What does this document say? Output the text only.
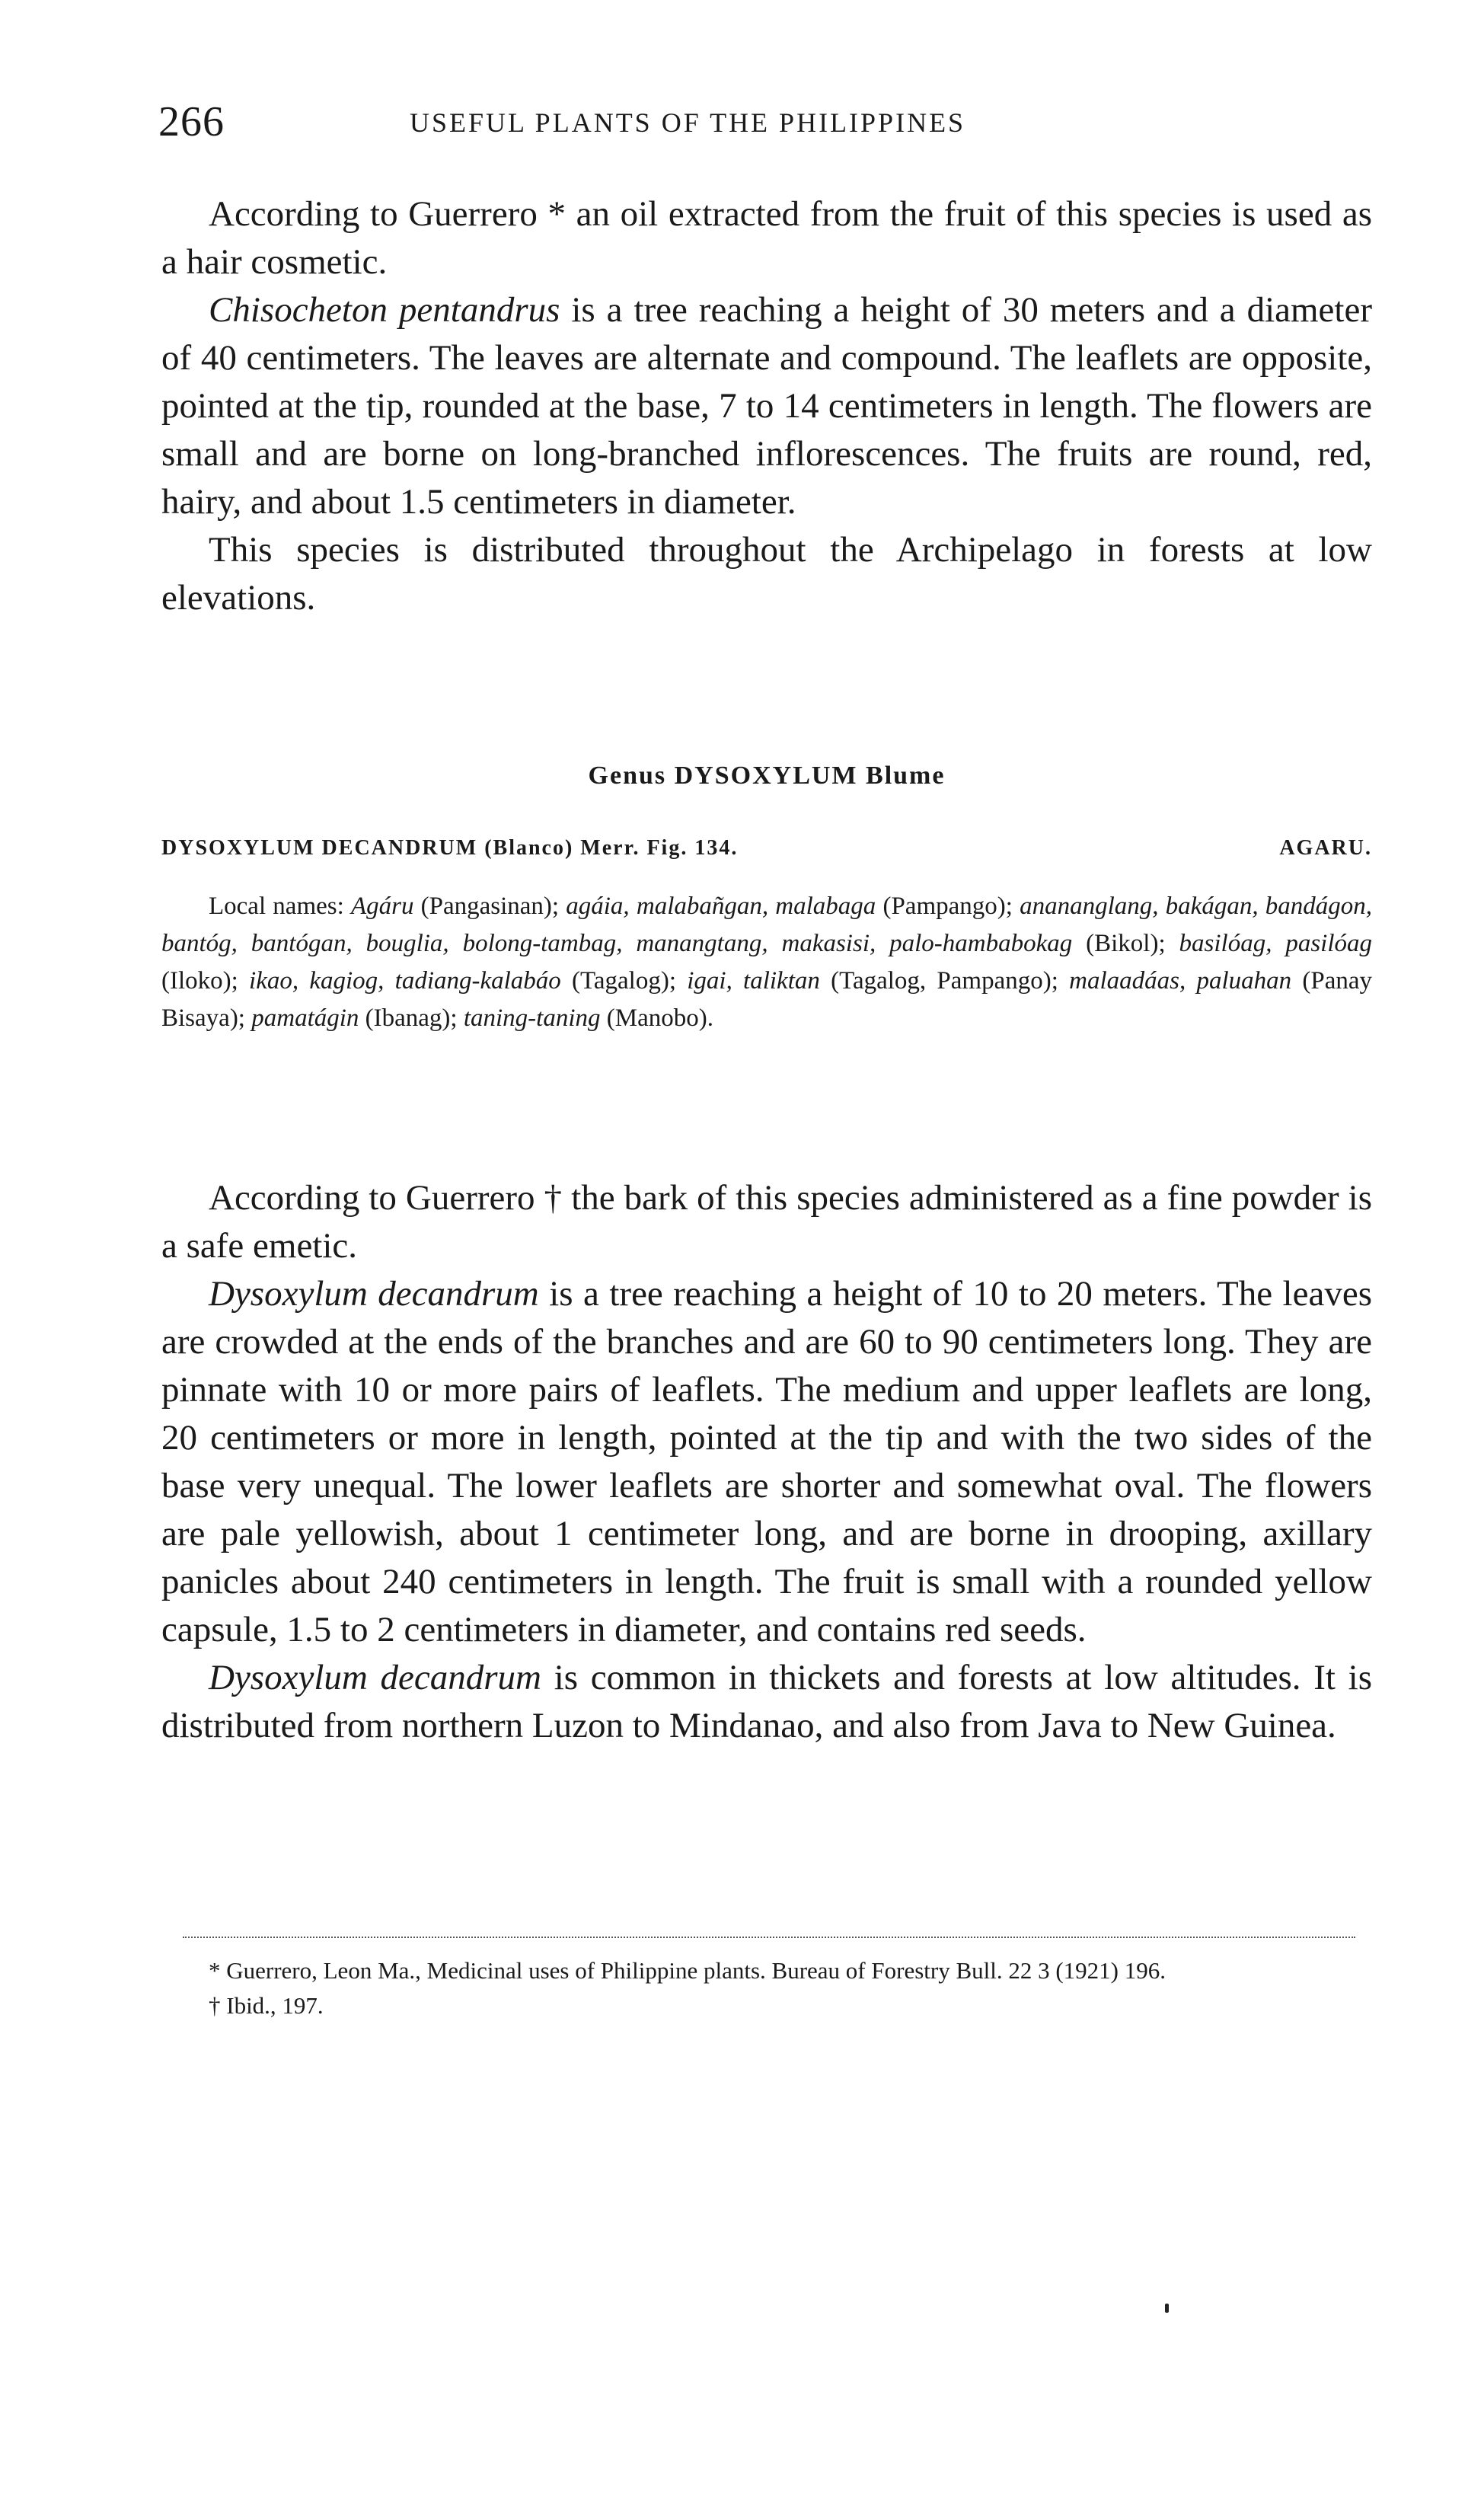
266	USEFUL PLANTS OF THE PHILIPPINES

According to Guerrero * an oil extracted from the fruit of this species is used as a hair cosmetic.

Chisocheton pentandrus is a tree reaching a height of 30 meters and a diameter of 40 centimeters. The leaves are alternate and compound. The leaflets are opposite, pointed at the tip, rounded at the base, 7 to 14 centimeters in length. The flowers are small and are borne on long-branched inflorescences. The fruits are round, red, hairy, and about 1.5 centimeters in diameter.

This species is distributed throughout the Archipelago in forests at low elevations.

Genus DYSOXYLUM Blume
DYSOXYLUM DECANDRUM (Blanco) Merr. Fig. 134.	AGARU.

Local names: Agáru (Pangasinan); agáia, malabañgan, malabaga (Pampango); anananglang, bakágan, bandágon, bantóg, bantógan, bouglia, bolong-tambag, manangtang, makasisi, palo-hambabokag (Bikol); basilóag, pasilóag (Iloko); ikao, kagiog, tadiang-kalabáo (Tagalog); igai, taliktan (Tagalog, Pampango); malaadáas, paluahan (Panay Bisaya); pamatágin (Ibanag); taning-taning (Manobo).

According to Guerrero † the bark of this species administered as a fine powder is a safe emetic.

Dysoxylum decandrum is a tree reaching a height of 10 to 20 meters. The leaves are crowded at the ends of the branches and are 60 to 90 centimeters long. They are pinnate with 10 or more pairs of leaflets. The medium and upper leaflets are long, 20 centimeters or more in length, pointed at the tip and with the two sides of the base very unequal. The lower leaflets are shorter and somewhat oval. The flowers are pale yellowish, about 1 centimeter long, and are borne in drooping, axillary panicles about 240 centimeters in length. The fruit is small with a rounded yellow capsule, 1.5 to 2 centimeters in diameter, and contains red seeds.

Dysoxylum decandrum is common in thickets and forests at low altitudes. It is distributed from northern Luzon to Mindanao, and also from Java to New Guinea.

* Guerrero, Leon Ma., Medicinal uses of Philippine plants. Bureau of Forestry Bull. 22 3 (1921) 196.

† Ibid., 197.
